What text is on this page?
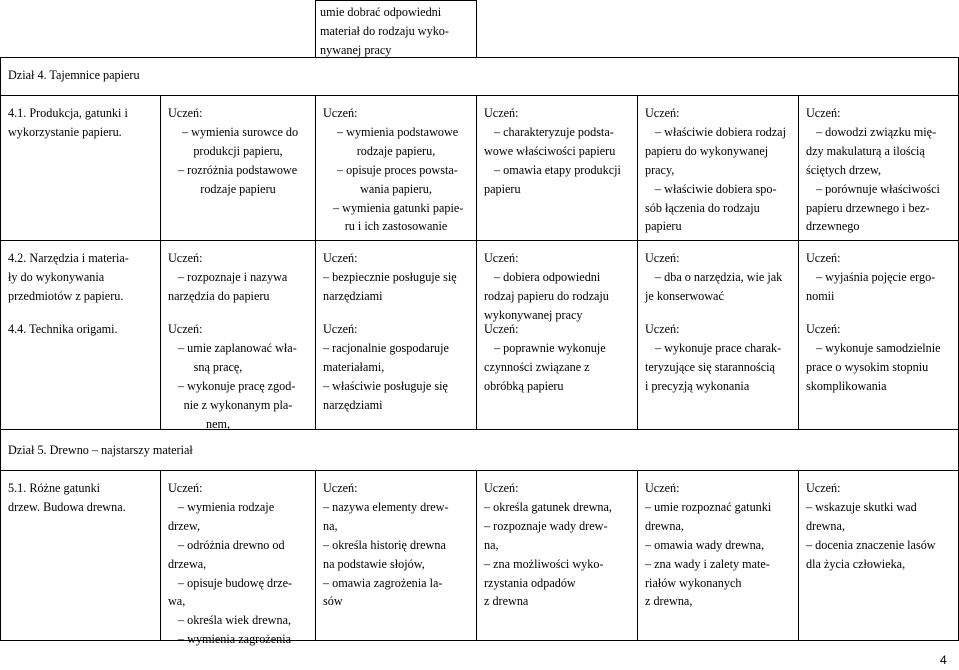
umie dobrać odpowiedni
materiał do rodzaju wyko-
nywanej pracy
Dział 4. Tajemnice papieru
4.1. Produkcja, gatunki i
wykorzystanie papieru.
Uczeń:
– wymienia surowce do
produkcji papieru,
– rozróżnia podstawowe
rodzaje papieru
Uczeń:
– wymienia podstawowe
rodzaje papieru,
– opisuje proces powsta-
wania papieru,
– wymienia gatunki papie-
ru i ich zastosowanie
Uczeń:
– charakteryzuje podsta-
wowe właściwości papieru
– omawia etapy produkcji
papieru
Uczeń:
– właściwie dobiera rodzaj
papieru do wykonywanej
pracy,
– właściwie dobiera spo-
sób łączenia do rodzaju
papieru
Uczeń:
– dowodzi związku mię-
dzy makulaturą a ilością
ściętych drzew,
– porównuje właściwości
papieru drzewnego i bez-
drzewnego
4.2. Narzędzia i materia-
ły do wykonywania
przedmiotów z papieru.
4.4. Technika origami.
Uczeń:
– rozpoznaje i nazywa
narzędzia do papieru
Uczeń:
– umie zaplanować wła-
sną pracę,
– wykonuje pracę zgod-
nie z wykonanym pla-
nem,
Uczeń:
– bezpiecznie posługuje się
narzędziami
Uczeń:
– racjonalnie gospodaruje
materiałami,
– właściwie posługuje się
narzędziami
Uczeń:
– dobiera odpowiedni
rodzaj papieru do rodzaju
wykonywanej pracy
Uczeń:
– poprawnie wykonuje
czynności związane z
obróbką papieru
Uczeń:
– dba o narzędzia, wie jak
je konserwować
Uczeń:
– wykonuje prace charak-
teryzujące się starannością
i precyzją wykonania
Uczeń:
– wyjaśnia pojęcie ergo-
nomii
Uczeń:
– wykonuje samodzielnie
prace o wysokim stopniu
skomplikowania
Dział 5. Drewno – najstarszy materiał
5.1. Różne gatunki
drzew. Budowa drewna.
Uczeń:
– wymienia rodzaje
drzew,
– odróżnia drewno od
drzewa,
– opisuje budowę drze-
wa,
– określa wiek drewna,
– wymienia zagrożenia
Uczeń:
– nazywa elementy drew-
na,
– określa historię drewna
na podstawie słojów,
– omawia zagrożenia la-
sów
Uczeń:
– określa gatunek drewna,
– rozpoznaje wady drew-
na,
– zna możliwości wyko-
rzystania odpadów
z drewna
Uczeń:
– umie rozpoznać gatunki
drewna,
– omawia wady drewna,
– zna wady i zalety mate-
riałów wykonanych
z drewna,
Uczeń:
– wskazuje skutki wad
drewna,
– docenia znaczenie lasów
dla życia człowieka,
4
